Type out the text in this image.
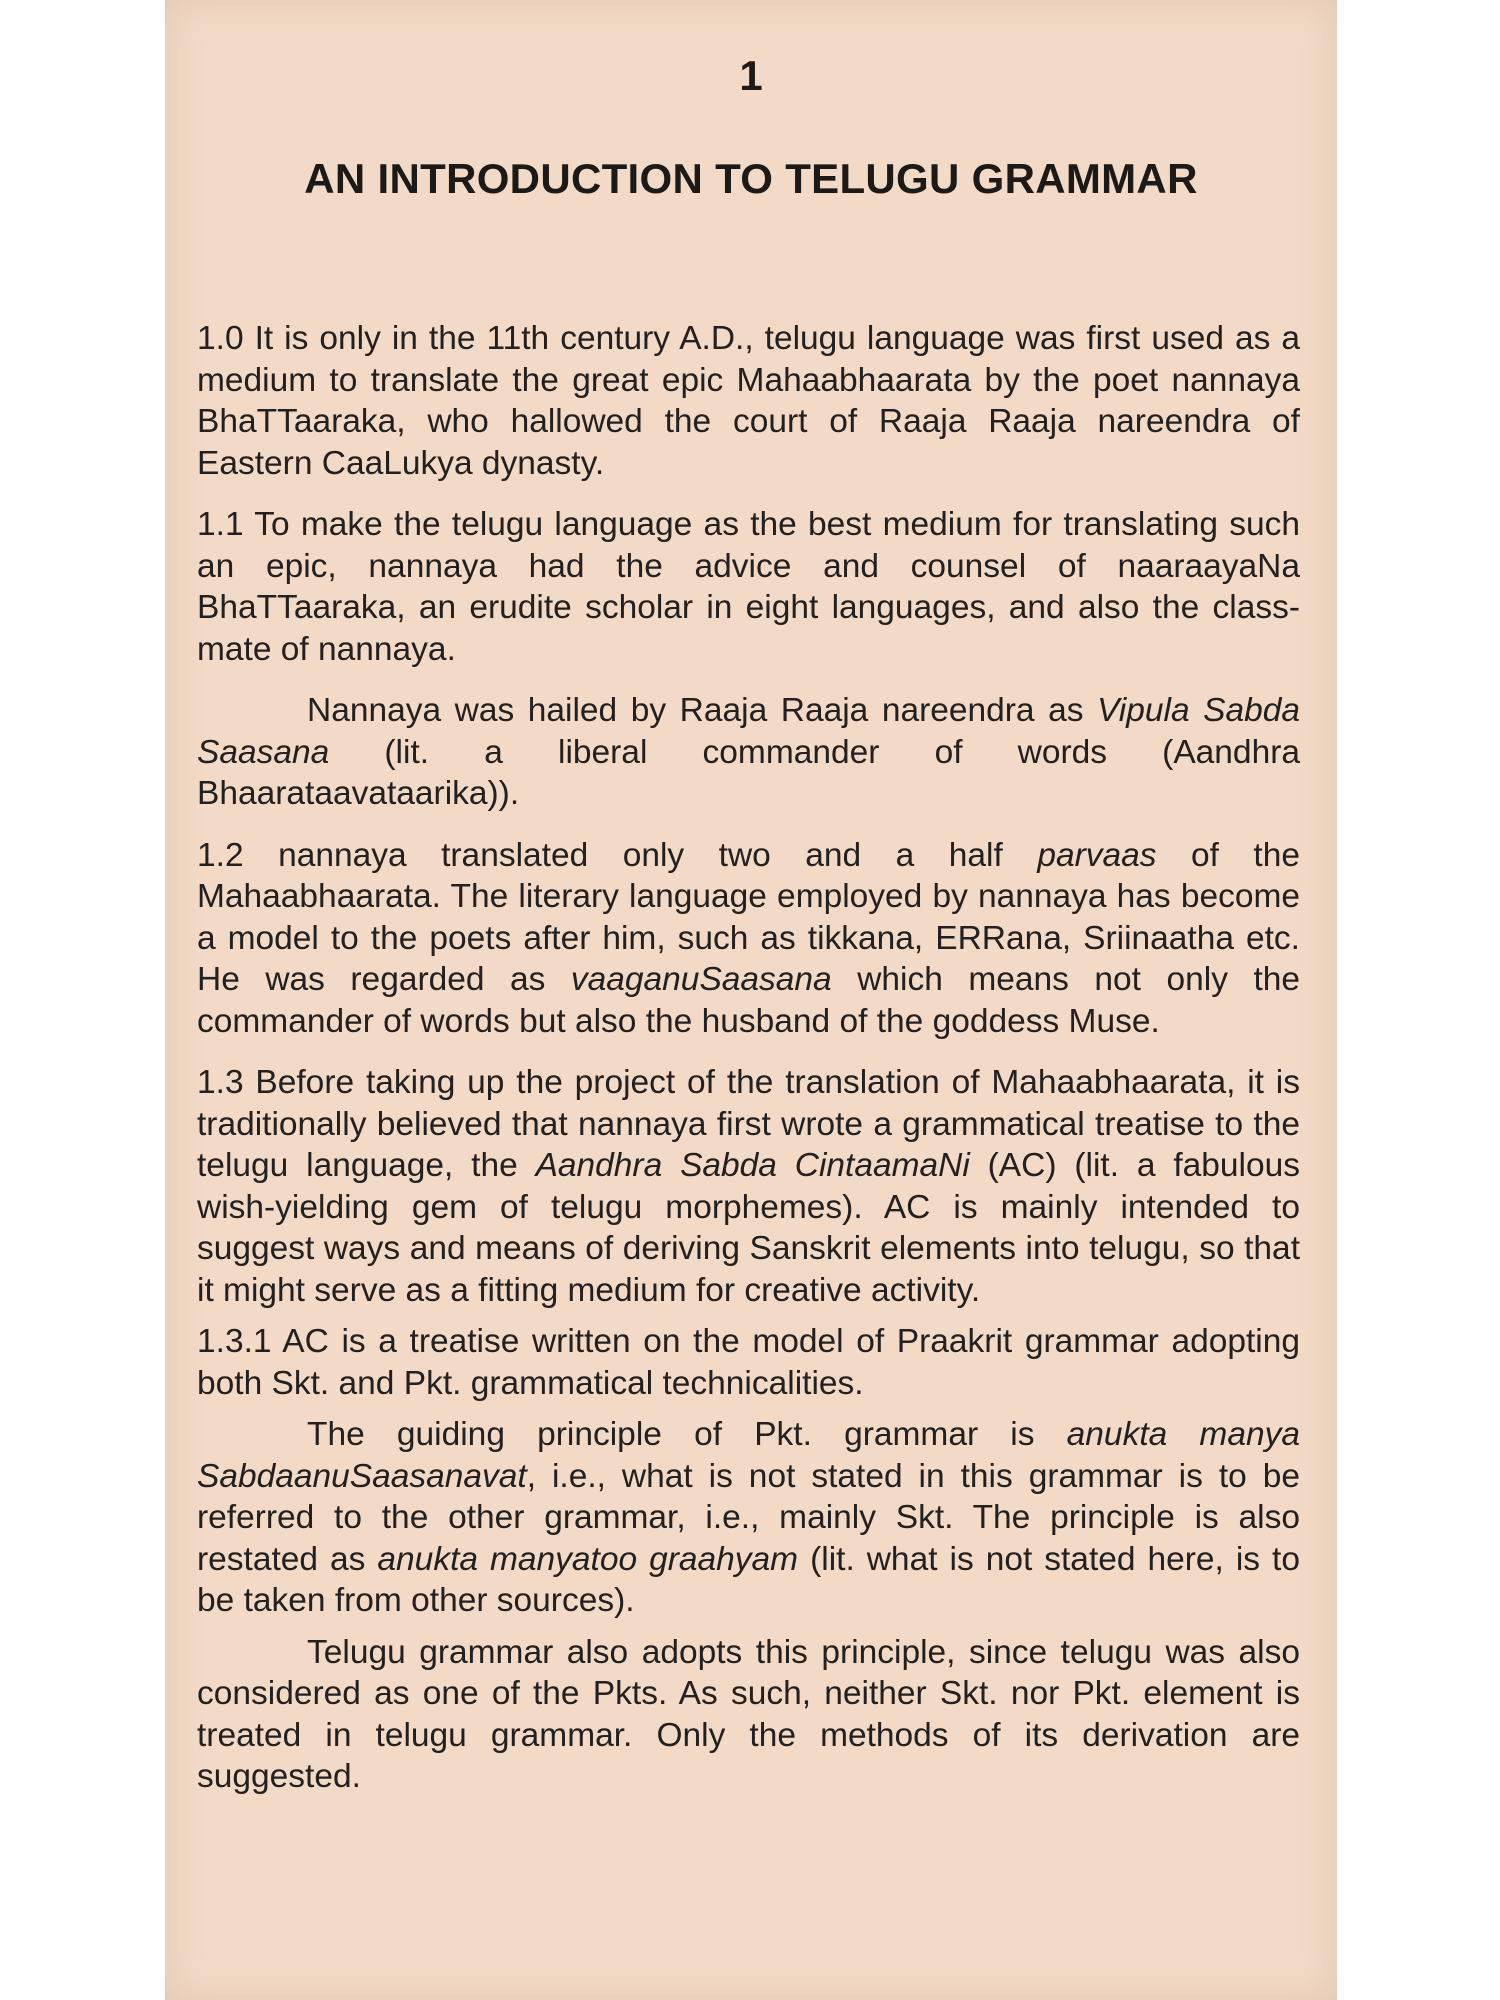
1
AN INTRODUCTION TO TELUGU GRAMMAR

1.0 It is only in the 11th century A.D., telugu language was first used as a medium to translate the great epic Mahaabhaarata by the poet nannaya BhaTTaaraka, who hallowed the court of Raaja Raaja nareendra of Eastern CaaLukya dynasty.

1.1 To make the telugu language as the best medium for translating such an epic, nannaya had the advice and counsel of naaraayaNa BhaTTaaraka, an erudite scholar in eight languages, and also the class-mate of nannaya.

Nannaya was hailed by Raaja Raaja nareendra as Vipula Sabda Saasana (lit. a liberal commander of words (Aandhra Bhaarataavataarika)).

1.2 nannaya translated only two and a half parvaas of the Mahaabhaarata. The literary language employed by nannaya has become a model to the poets after him, such as tikkana, ERRana, Sriinaatha etc. He was regarded as vaaganuSaasana which means not only the commander of words but also the husband of the goddess Muse.

1.3 Before taking up the project of the translation of Mahaabhaarata, it is traditionally believed that nannaya first wrote a grammatical treatise to the telugu language, the Aandhra Sabda CintaamaNi (AC) (lit. a fabulous wish-yielding gem of telugu morphemes). AC is mainly intended to suggest ways and means of deriving Sanskrit elements into telugu, so that it might serve as a fitting medium for creative activity.

1.3.1 AC is a treatise written on the model of Praakrit grammar adopting both Skt. and Pkt. grammatical technicalities.

The guiding principle of Pkt. grammar is anukta manya SabdaanuSaasanavat, i.e., what is not stated in this grammar is to be referred to the other grammar, i.e., mainly Skt. The principle is also restated as anukta manyatoo graahyam (lit. what is not stated here, is to be taken from other sources).

Telugu grammar also adopts this principle, since telugu was also considered as one of the Pkts. As such, neither Skt. nor Pkt. element is treated in telugu grammar. Only the methods of its derivation are suggested.
